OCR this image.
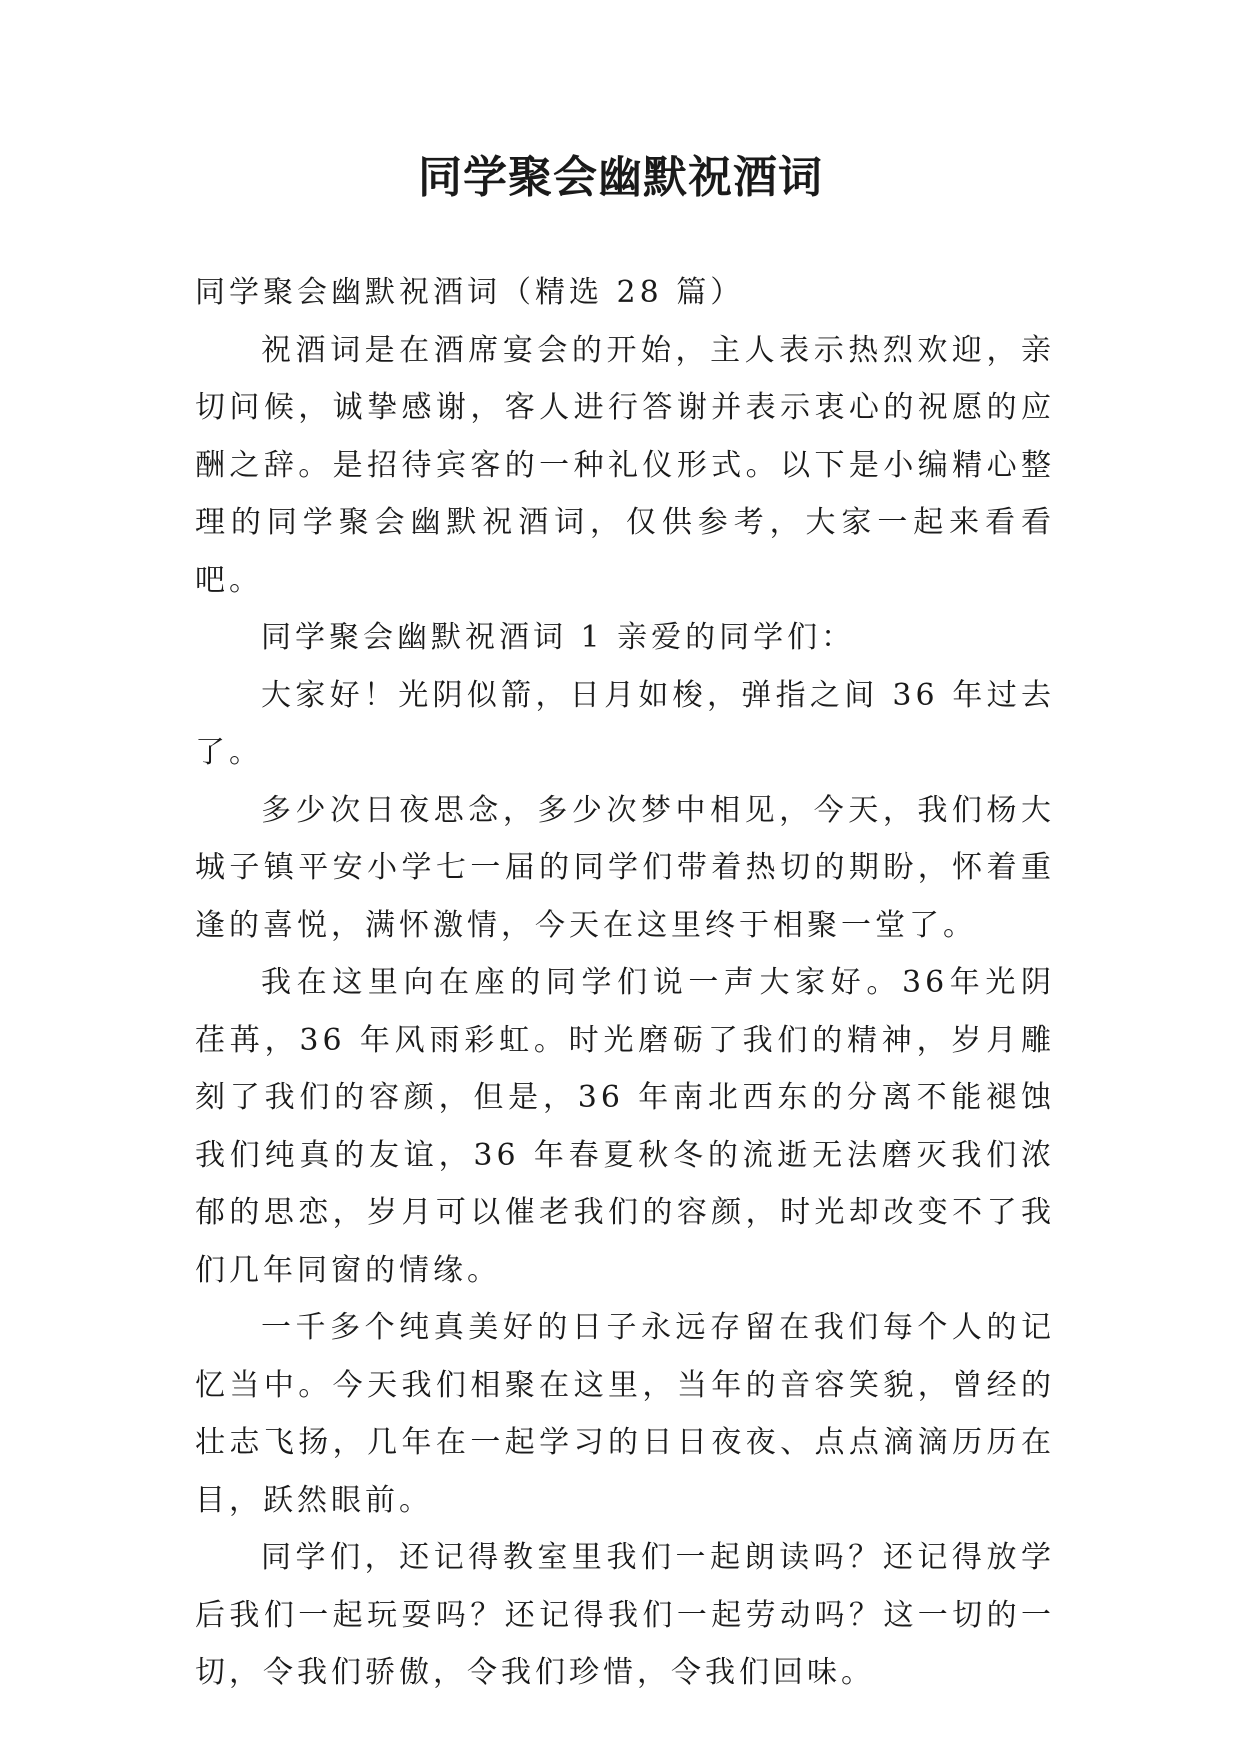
同学聚会幽默祝酒词

同学聚会幽默祝酒词（精选 28 篇）

祝酒词是在酒席宴会的开始，主人表示热烈欢迎，亲切问候，诚挚感谢，客人进行答谢并表示衷心的祝愿的应酬之辞。是招待宾客的一种礼仪形式。以下是小编精心整理的同学聚会幽默祝酒词，仅供参考，大家一起来看看吧。

同学聚会幽默祝酒词 1 亲爱的同学们：

大家好！光阴似箭，日月如梭，弹指之间 36 年过去了。

多少次日夜思念，多少次梦中相见，今天，我们杨大城子镇平安小学七一届的同学们带着热切的期盼，怀着重逢的喜悦，满怀激情，今天在这里终于相聚一堂了。

我在这里向在座的同学们说一声大家好。36年光阴荏苒，36 年风雨彩虹。时光磨砺了我们的精神，岁月雕刻了我们的容颜，但是，36 年南北西东的分离不能褪蚀我们纯真的友谊，36 年春夏秋冬的流逝无法磨灭我们浓郁的思恋，岁月可以催老我们的容颜，时光却改变不了我们几年同窗的情缘。

一千多个纯真美好的日子永远存留在我们每个人的记忆当中。今天我们相聚在这里，当年的音容笑貌，曾经的壮志飞扬，几年在一起学习的日日夜夜、点点滴滴历历在目，跃然眼前。

同学们，还记得教室里我们一起朗读吗？还记得放学后我们一起玩耍吗？还记得我们一起劳动吗？这一切的一切，令我们骄傲，令我们珍惜，令我们回味。
